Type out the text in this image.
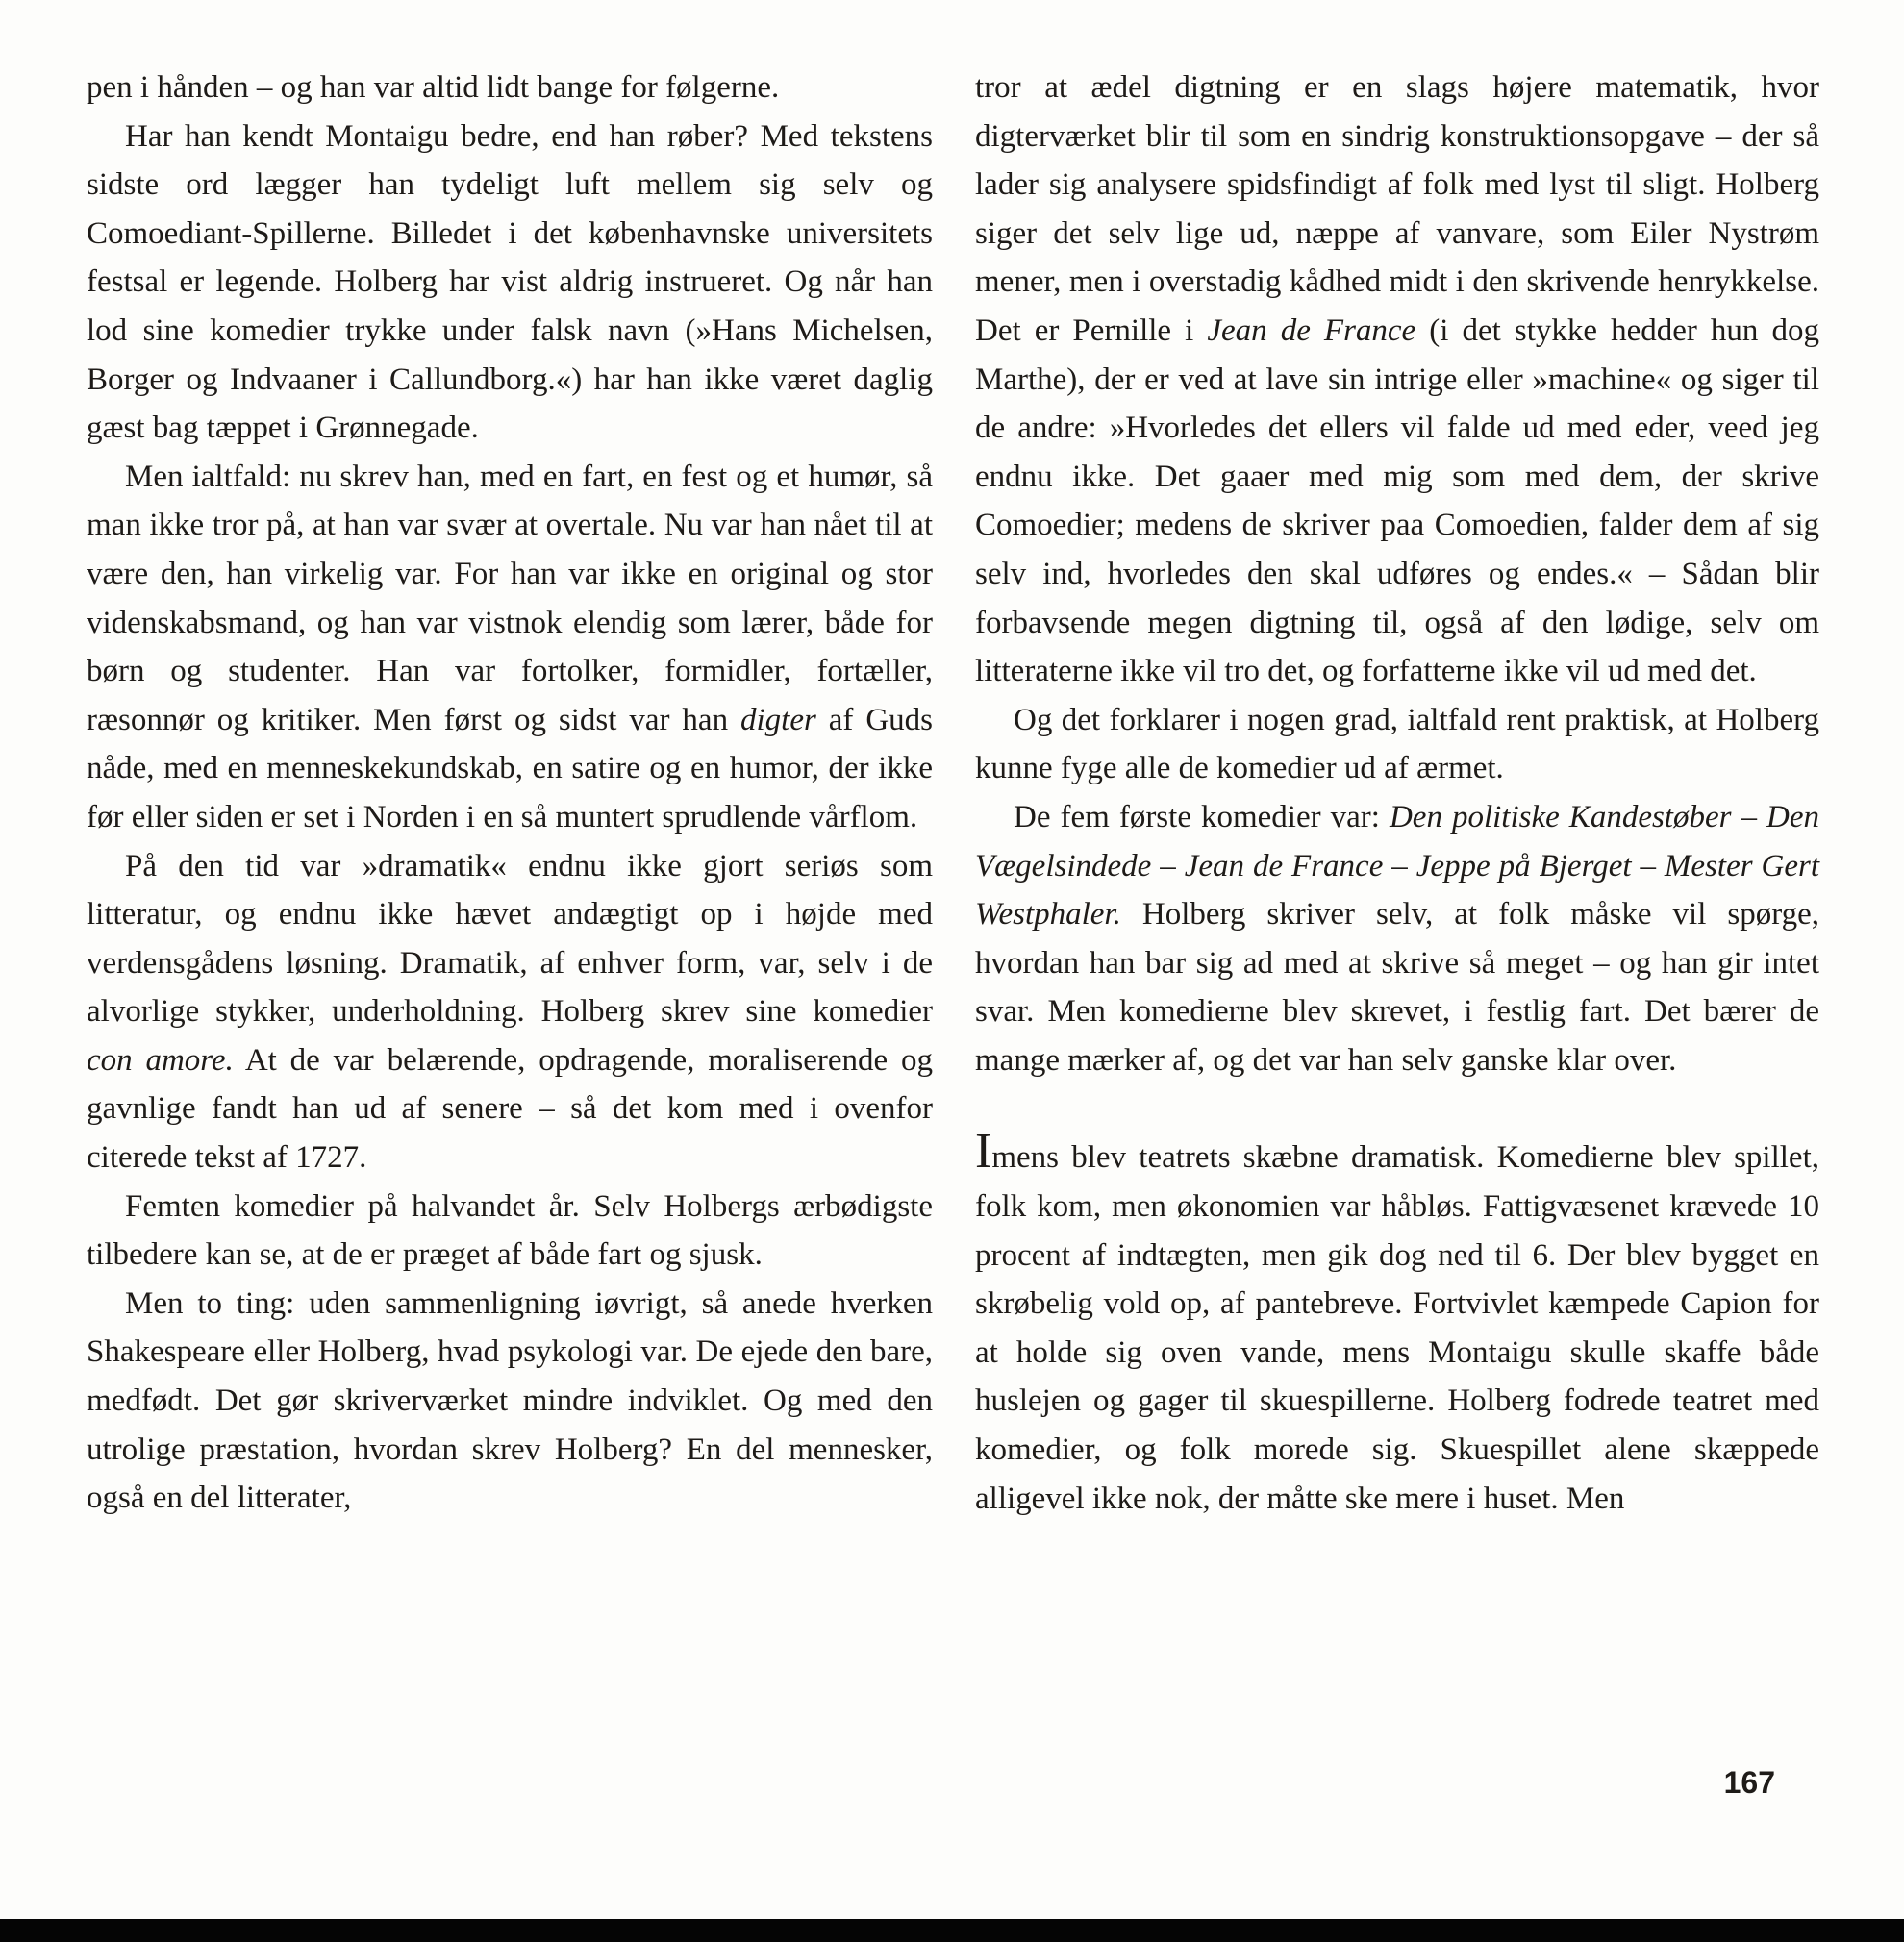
pen i hånden – og han var altid lidt bange for følgerne.

Har han kendt Montaigu bedre, end han røber? Med tekstens sidste ord lægger han tydeligt luft mellem sig selv og Comoediant-Spillerne. Billedet i det københavnske universitets festsal er legende. Holberg har vist aldrig instrueret. Og når han lod sine komedier trykke under falsk navn (»Hans Michelsen, Borger og Indvaaner i Callundborg.«) har han ikke været daglig gæst bag tæppet i Grønnegade.

Men ialtfald: nu skrev han, med en fart, en fest og et humør, så man ikke tror på, at han var svær at overtale. Nu var han nået til at være den, han virkelig var. For han var ikke en original og stor videnskabsmand, og han var vistnok elendig som lærer, både for børn og studenter. Han var fortolker, formidler, fortæller, ræsonnør og kritiker. Men først og sidst var han digter af Guds nåde, med en menneskekundskab, en satire og en humor, der ikke før eller siden er set i Norden i en så muntert sprudlende vårflom.

På den tid var »dramatik« endnu ikke gjort seriøs som litteratur, og endnu ikke hævet andægtigt op i højde med verdensgådens løsning. Dramatik, af enhver form, var, selv i de alvorlige stykker, underholdning. Holberg skrev sine komedier con amore. At de var belærende, opdragende, moraliserende og gavnlige fandt han ud af senere – så det kom med i ovenfor citerede tekst af 1727.

Femten komedier på halvandet år. Selv Holbergs ærbødigste tilbedere kan se, at de er præget af både fart og sjusk.

Men to ting: uden sammenligning iøvrigt, så anede hverken Shakespeare eller Holberg, hvad psykologi var. De ejede den bare, medfødt. Det gør skriverværket mindre indviklet. Og med den utrolige præstation, hvordan skrev Holberg? En del mennesker, også en del litterater,

tror at ædel digtning er en slags højere matematik, hvor digterværket blir til som en sindrig konstruktionsopgave – der så lader sig analysere spidsfindigt af folk med lyst til sligt. Holberg siger det selv lige ud, næppe af vanvare, som Eiler Nystrøm mener, men i overstadig kådhed midt i den skrivende henrykkelse. Det er Pernille i Jean de France (i det stykke hedder hun dog Marthe), der er ved at lave sin intrige eller »machine« og siger til de andre: »Hvorledes det ellers vil falde ud med eder, veed jeg endnu ikke. Det gaaer med mig som med dem, der skrive Comoedier; medens de skriver paa Comoedien, falder dem af sig selv ind, hvorledes den skal udføres og endes.« – Sådan blir forbavsende megen digtning til, også af den lødige, selv om litteraterne ikke vil tro det, og forfatterne ikke vil ud med det.

Og det forklarer i nogen grad, ialtfald rent praktisk, at Holberg kunne fyge alle de komedier ud af ærmet.

De fem første komedier var: Den politiske Kandestøber – Den Vægelsindede – Jean de France – Jeppe på Bjerget – Mester Gert Westphaler. Holberg skriver selv, at folk måske vil spørge, hvordan han bar sig ad med at skrive så meget – og han gir intet svar. Men komedierne blev skrevet, i festlig fart. Det bærer de mange mærker af, og det var han selv ganske klar over.

Imens blev teatrets skæbne dramatisk. Komedierne blev spillet, folk kom, men økonomien var håbløs. Fattigvæsenet krævede 10 procent af indtægten, men gik dog ned til 6. Der blev bygget en skrøbelig vold op, af pantebreve. Fortvivlet kæmpede Capion for at holde sig oven vande, mens Montaigu skulle skaffe både huslejen og gager til skuespillerne. Holberg fodrede teatret med komedier, og folk morede sig. Skuespillet alene skæppede alligevel ikke nok, der måtte ske mere i huset. Men

167
